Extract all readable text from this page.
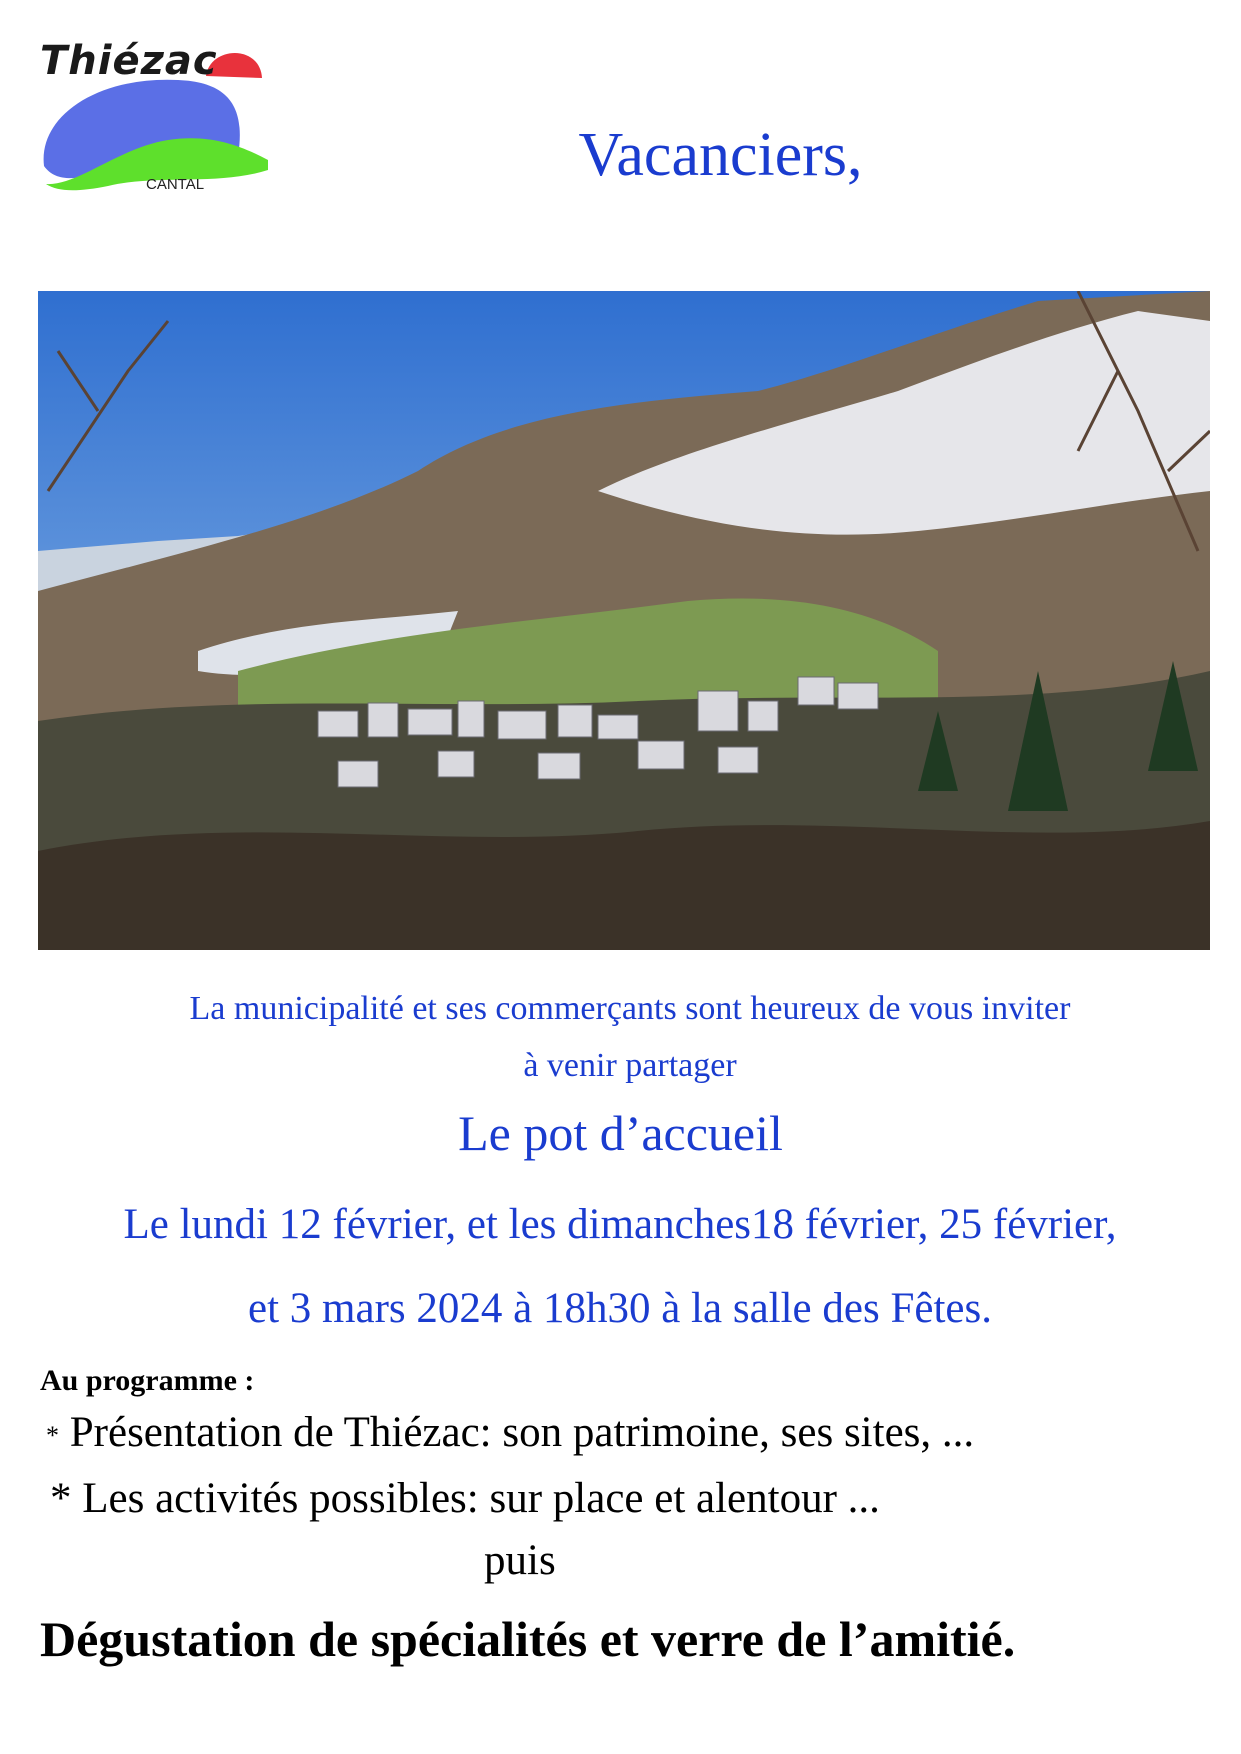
Thiézac
CANTAL	Vacanciers,
La municipalité et ses commerçants sont heureux de vous inviter
à venir partager
Le pot d’accueil
Le lundi 12 février, et les dimanches18 février, 25 février,
et 3 mars 2024 à 18h30 à la salle des Fêtes.
Au programme :
* Présentation de Thiézac: son patrimoine, ses sites, ...
* Les activités possibles: sur place et alentour ...
puis
Dégustation de spécialités et verre de l’amitié.
